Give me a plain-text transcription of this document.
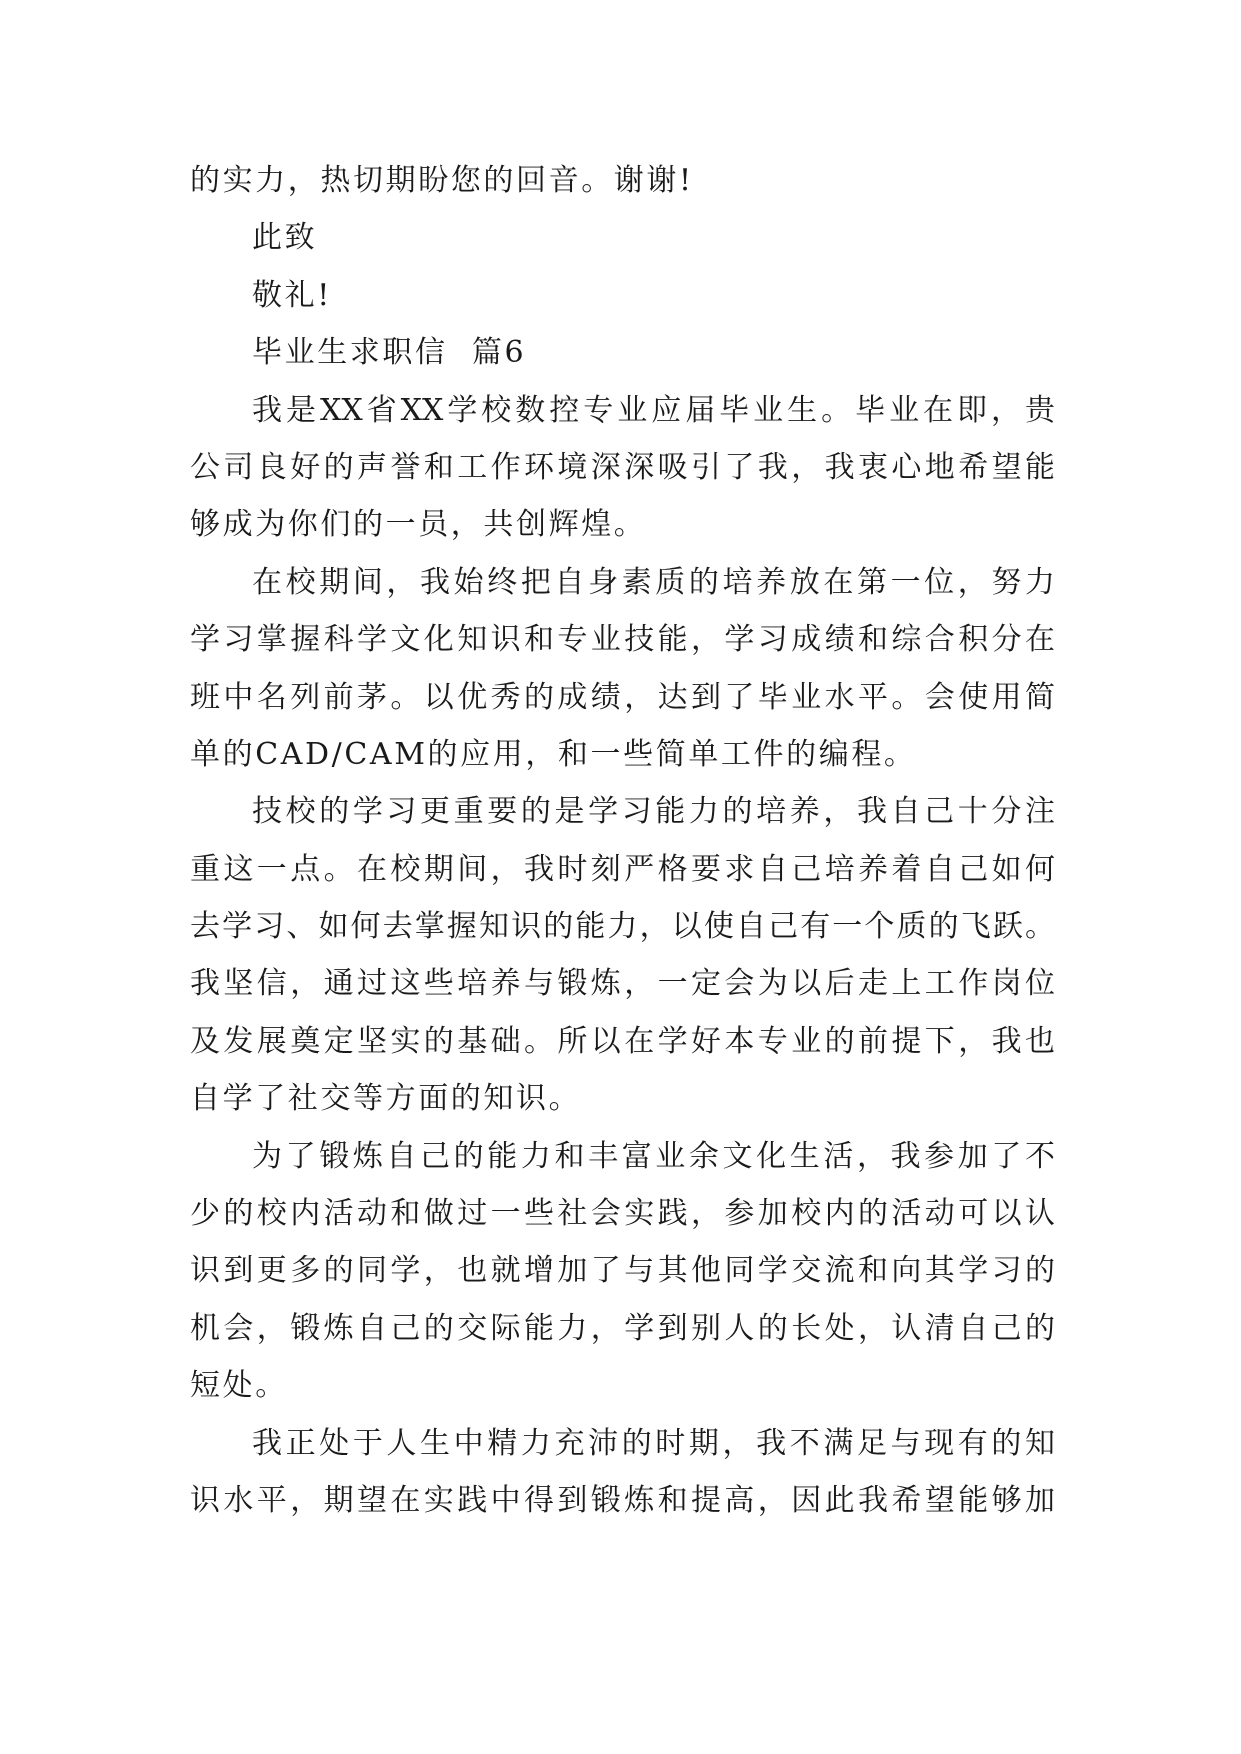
的实力，热切期盼您的回音。谢谢!
此致
敬礼!
毕业生求职信  篇6
我是XX省XX学校数控专业应届毕业生。毕业在即，贵
公司良好的声誉和工作环境深深吸引了我，我衷心地希望能
够成为你们的一员，共创辉煌。
在校期间，我始终把自身素质的培养放在第一位，努力
学习掌握科学文化知识和专业技能，学习成绩和综合积分在
班中名列前茅。以优秀的成绩，达到了毕业水平。会使用简
单的CAD/CAM的应用，和一些简单工件的编程。
技校的学习更重要的是学习能力的培养，我自己十分注
重这一点。在校期间，我时刻严格要求自己培养着自己如何
去学习、如何去掌握知识的能力，以使自己有一个质的飞跃。
我坚信，通过这些培养与锻炼，一定会为以后走上工作岗位
及发展奠定坚实的基础。所以在学好本专业的前提下，我也
自学了社交等方面的知识。
为了锻炼自己的能力和丰富业余文化生活，我参加了不
少的校内活动和做过一些社会实践，参加校内的活动可以认
识到更多的同学，也就增加了与其他同学交流和向其学习的
机会，锻炼自己的交际能力，学到别人的长处，认清自己的
短处。
我正处于人生中精力充沛的时期，我不满足与现有的知
识水平，期望在实践中得到锻炼和提高，因此我希望能够加
